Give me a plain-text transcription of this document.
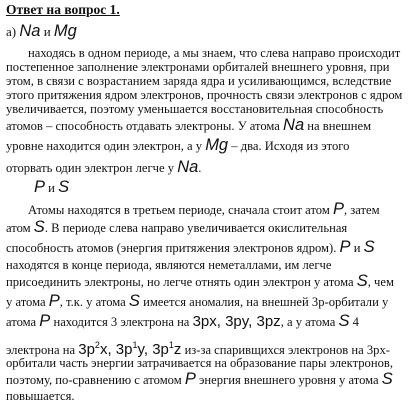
Ответ на вопрос 1.
а) Na и Mg
находясь в одном периоде, а мы знаем, что слева направо происходит
постепенное заполнение электронами орбиталей внешнего уровня, при
этом, в связи с возрастанием заряда ядра и усиливающимся, вследствие
этого притяжения ядром электронов, прочность связи электронов с ядром
увеличивается, поэтому уменьшается восстановительная способность
атомов – способность отдавать электроны. У атома Na на внешнем
уровне находится один электрон, а у Mg – два. Исходя из этого
оторвать один электрон легче у Na.
P и S
Атомы находятся в третьем периоде, сначала стоит атом P, затем
атом S. В периоде слева направо увеличивается окислительная
способность атомов (энергия притяжения электронов ядром). P и S
находятся в конце периода, являются неметаллами, им легче
присоединить электроны, но легче отнять один электрон у атома S, чем
у атома P, т.к. у атома S имеется аномалия, на внешней 3р-орбитали у
атома P находится 3 электрона на 3px, 3py, 3pz, а у атома S 4
электрона на $3p^2x$, $3p^1y$, $3p^1z$ из-за спаривщихся электронов на 3рх-
орбитали часть энергии затрачивается на образование пары электронов,
поэтому, по-сравнению с атомом P энергия внешнего уровня у атома S
повышается.
